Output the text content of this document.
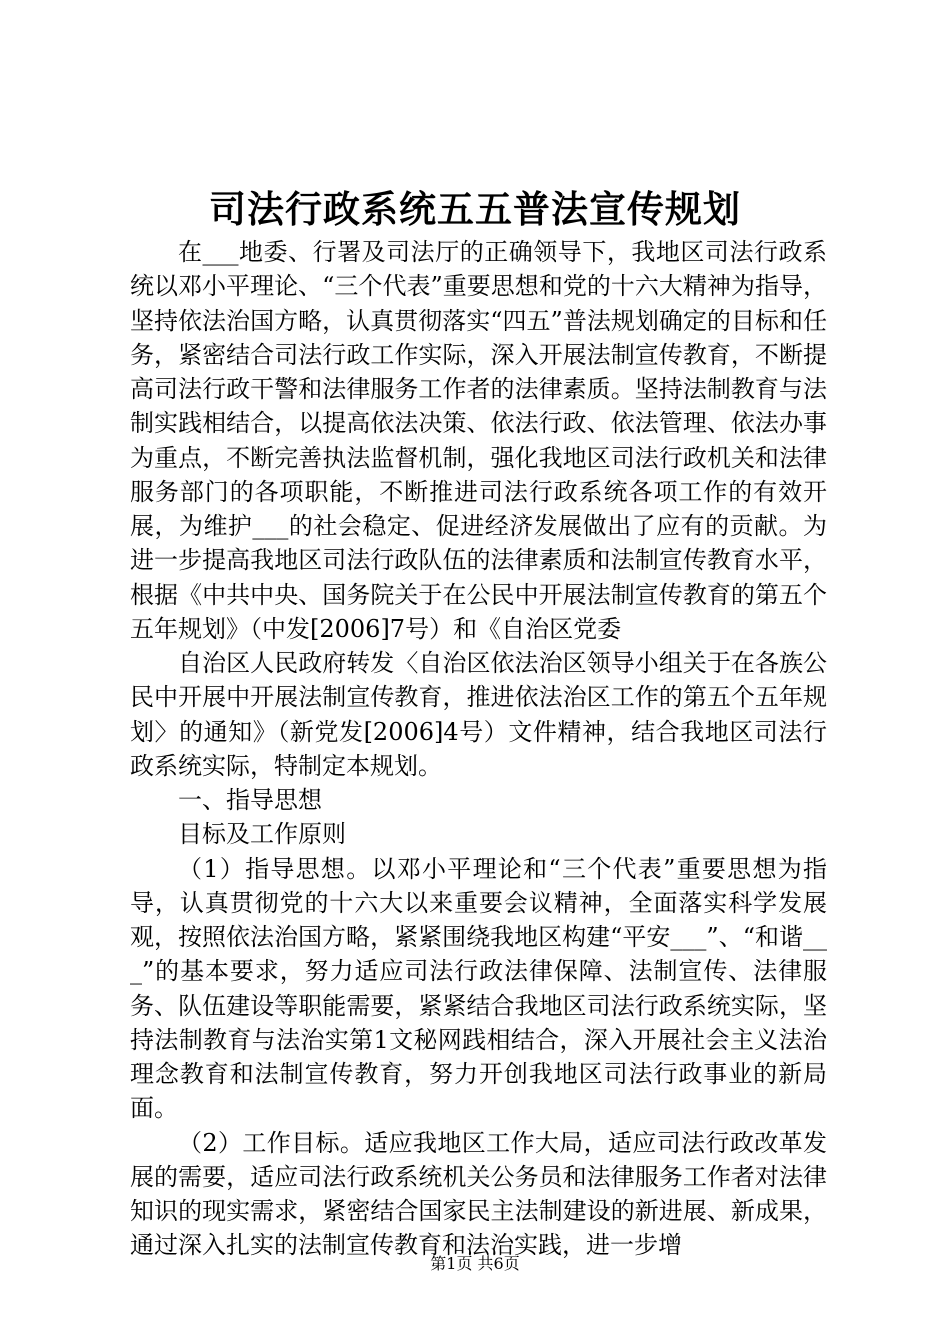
司法行政系统五五普法宣传规划

在___地委、行署及司法厅的正确领导下，我地区司法行政系统以邓小平理论、“三个代表”重要思想和党的十六大精神为指导，坚持依法治国方略，认真贯彻落实“四五”普法规划确定的目标和任务，紧密结合司法行政工作实际，深入开展法制宣传教育，不断提高司法行政干警和法律服务工作者的法律素质。坚持法制教育与法制实践相结合，以提高依法决策、依法行政、依法管理、依法办事为重点，不断完善执法监督机制，强化我地区司法行政机关和法律服务部门的各项职能，不断推进司法行政系统各项工作的有效开展，为维护___的社会稳定、促进经济发展做出了应有的贡献。为进一步提高我地区司法行政队伍的法律素质和法制宣传教育水平，根据《中共中央、国务院关于在公民中开展法制宣传教育的第五个五年规划》（中发[2006]7号）和《自治区党委

自治区人民政府转发〈自治区依法治区领导小组关于在各族公民中开展中开展法制宣传教育，推进依法治区工作的第五个五年规划〉的通知》（新党发[2006]4号）文件精神，结合我地区司法行政系统实际，特制定本规划。

一、指导思想

目标及工作原则

（1）指导思想。以邓小平理论和“三个代表”重要思想为指导，认真贯彻党的十六大以来重要会议精神，全面落实科学发展观，按照依法治国方略，紧紧围绕我地区构建“平安___”、“和谐___”的基本要求，努力适应司法行政法律保障、法制宣传、法律服务、队伍建设等职能需要，紧紧结合我地区司法行政系统实际，坚持法制教育与法治实第1文秘网践相结合，深入开展社会主义法治理念教育和法制宣传教育，努力开创我地区司法行政事业的新局面。

（2）工作目标。适应我地区工作大局，适应司法行政改革发展的需要，适应司法行政系统机关公务员和法律服务工作者对法律知识的现实需求，紧密结合国家民主法制建设的新进展、新成果，通过深入扎实的法制宣传教育和法治实践，进一步增

第1页 共6页
